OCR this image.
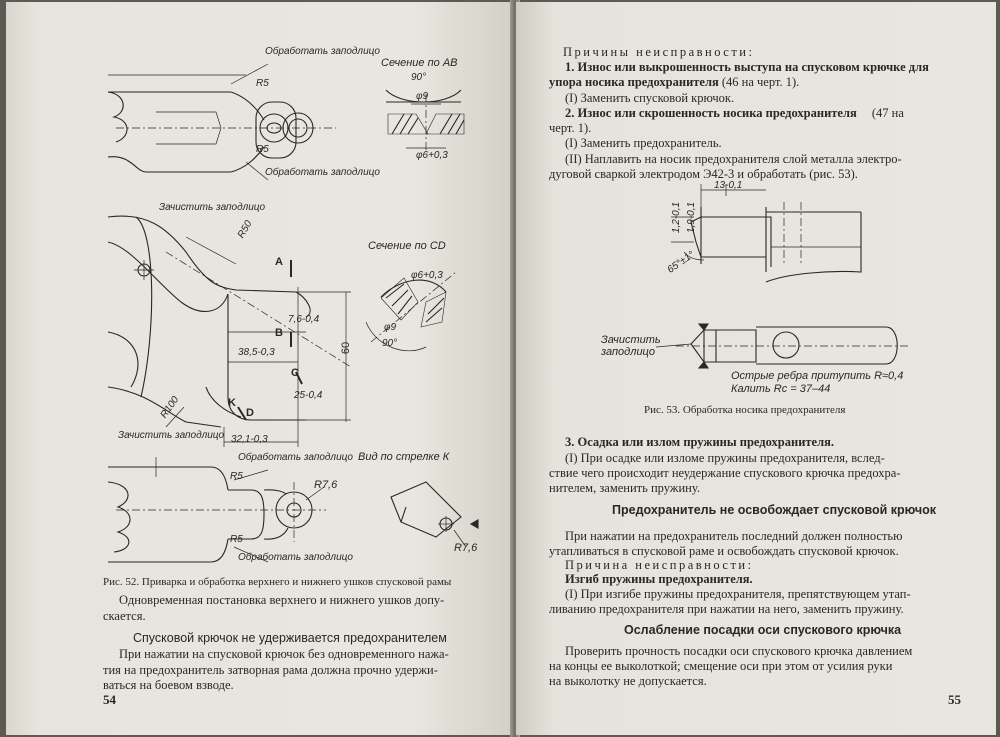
Обработать заподлицо
R5
R5
Обработать заподлицо
Сечение по АВ
90°
φ9
φ6+0,3
Зачистить заподлицо
R50
Сечение по СD
φ6+0,3
φ9
90°
A
B
7,6-0,4
38,5-0,3	60
C
25-0,4
K
D
R100
Зачистить заподлицо 32,1-0,3
Вид по стрелке К
Обработать заподлицо
R5
R7,6
R5
Обработать заподлицо
R7,6
Рис. 52. Приварка и обработка верхнего и нижнего ушков спусковой рамы
Одновременная постановка верхнего и нижнего ушков допу-
скается.
Спусковой крючок не удерживается предохранителем
При нажатии на спусковой крючок без одновременного нажа-
тия на предохранитель затворная рама должна прочно удержи-
ваться на боевом взводе.
54
Причины неисправности:
1. Износ или выкрошенность выступа на спусковом крючке для
упора носика предохранителя (46 на черт. 1).
(I) Заменить спусковой крючок.
2. Износ или скрошенность носика предохранителя (47 на
черт. 1).
(I) Заменить предохранитель.
(II) Наплавить на носик предохранителя слой металла электро-
дуговой сваркой электродом Э42-3 и обработать (рис. 53).
13-0,1
1,2-0,1 1,9-0,1
65°±1°
Зачистить заподлицо
Острые ребра притупить R≈0,4
Калить Rc = 37–44
Рис. 53. Обработка носика предохранителя
3. Осадка или излом пружины предохранителя.
(I) При осадке или изломе пружины предохранителя, вслед-
ствие чего происходит неудержание спускового крючка предохра-
нителем, заменить пружину.
Предохранитель не освобождает спусковой крючок
При нажатии на предохранитель последний должен полностью
утапливаться в спусковой раме и освобождать спусковой крючок.
Причина неисправности:
Изгиб пружины предохранителя.
(I) При изгибе пружины предохранителя, препятствующем утап-
ливанию предохранителя при нажатии на него, заменить пружину.
Ослабление посадки оси спускового крючка
Проверить прочность посадки оси спускового крючка давлением
на концы ее выколоткой; смещение оси при этом от усилия руки
на выколотку не допускается.
55
